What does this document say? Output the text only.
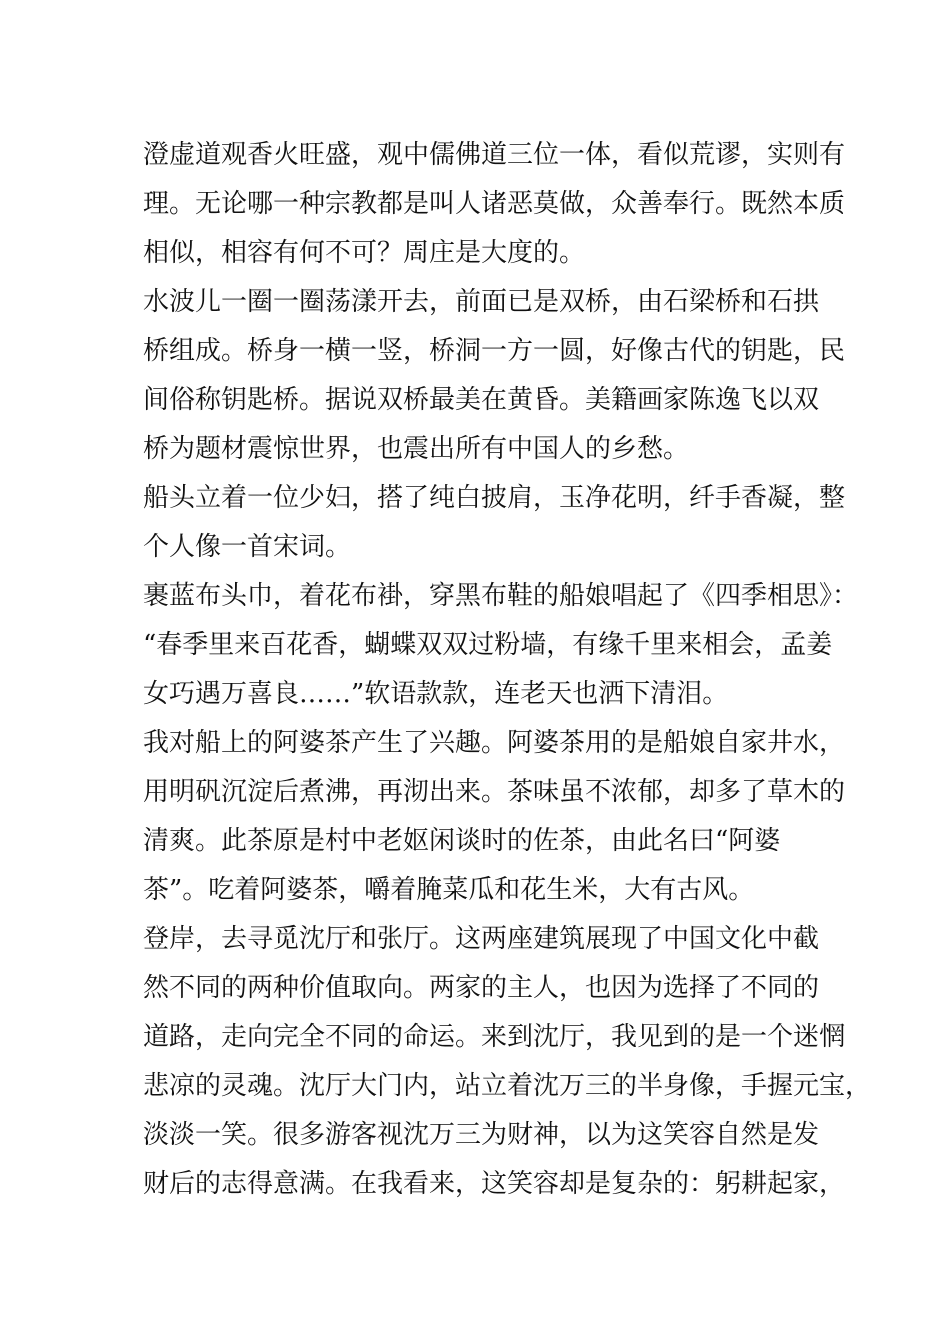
澄虚道观香火旺盛，观中儒佛道三位一体，看似荒谬，实则有
理。无论哪一种宗教都是叫人诸恶莫做，众善奉行。既然本质
相似，相容有何不可？周庄是大度的。
水波儿一圈一圈荡漾开去，前面已是双桥，由石梁桥和石拱
桥组成。桥身一横一竖，桥洞一方一圆，好像古代的钥匙，民
间俗称钥匙桥。据说双桥最美在黄昏。美籍画家陈逸飞以双
桥为题材震惊世界，也震出所有中国人的乡愁。
船头立着一位少妇，搭了纯白披肩，玉净花明，纤手香凝，整
个人像一首宋词。
裹蓝布头巾，着花布褂，穿黑布鞋的船娘唱起了《四季相思》：
“春季里来百花香，蝴蝶双双过粉墙，有缘千里来相会，孟姜
女巧遇万喜良……”软语款款，连老天也洒下清泪。
我对船上的阿婆茶产生了兴趣。阿婆茶用的是船娘自家井水，
用明矾沉淀后煮沸，再沏出来。茶味虽不浓郁，却多了草木的
清爽。此茶原是村中老妪闲谈时的佐茶，由此名曰“阿婆
茶”。吃着阿婆茶，嚼着腌菜瓜和花生米，大有古风。
登岸，去寻觅沈厅和张厅。这两座建筑展现了中国文化中截
然不同的两种价值取向。两家的主人，也因为选择了不同的
道路，走向完全不同的命运。来到沈厅，我见到的是一个迷惘
悲凉的灵魂。沈厅大门内，站立着沈万三的半身像，手握元宝，
淡淡一笑。很多游客视沈万三为财神，以为这笑容自然是发
财后的志得意满。在我看来，这笑容却是复杂的：躬耕起家，
